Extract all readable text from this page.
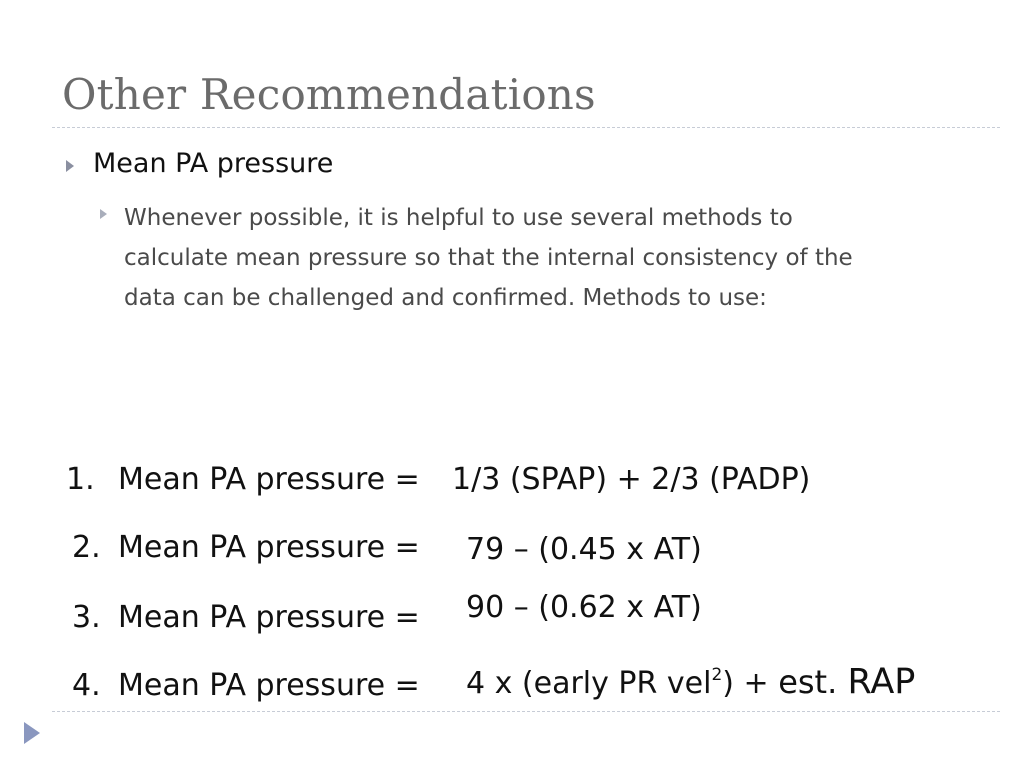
Other Recommendations
Mean PA pressure
Whenever possible, it is helpful to use several methods to
calculate mean pressure so that the internal consistency of the
data can be challenged and confirmed. Methods to use:
1. Mean PA pressure = 1/3 (SPAP) + 2/3 (PADP)
2. Mean PA pressure = 79 – (0.45 x AT)
3. Mean PA pressure = 90 – (0.62 x AT)
4. Mean PA pressure = 4 x (early PR vel$^2$) + est. RAP
